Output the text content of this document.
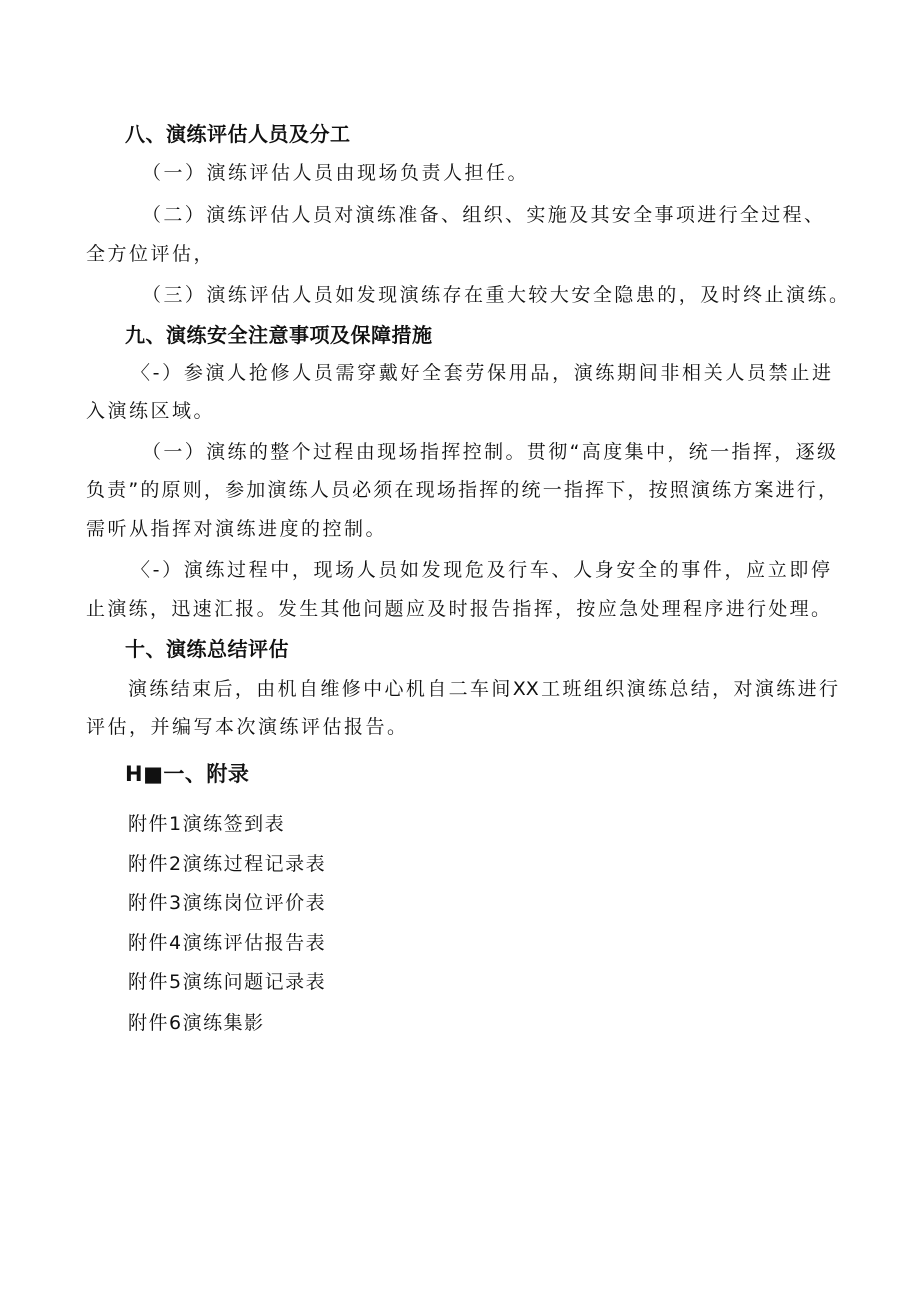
八、演练评估人员及分工
（一）演练评估人员由现场负责人担任。
（二）演练评估人员对演练准备、组织、实施及其安全事项进行全过程、
全方位评估，
（三）演练评估人员如发现演练存在重大较大安全隐患的，及时终止演练。
九、演练安全注意事项及保障措施
〈-）参演人抢修人员需穿戴好全套劳保用品，演练期间非相关人员禁止进
入演练区域。
（一）演练的整个过程由现场指挥控制。贯彻“高度集中，统一指挥，逐级
负责”的原则，参加演练人员必须在现场指挥的统一指挥下，按照演练方案进行，
需听从指挥对演练进度的控制。
〈-）演练过程中，现场人员如发现危及行车、人身安全的事件，应立即停
止演练，迅速汇报。发生其他问题应及时报告指挥，按应急处理程序进行处理。
十、演练总结评估
演练结束后，由机自维修中心机自二车间XX工班组织演练总结，对演练进行
评估，并编写本次演练评估报告。
H■一、附录
附件1演练签到表
附件2演练过程记录表
附件3演练岗位评价表
附件4演练评估报告表
附件5演练问题记录表
附件6演练集影
